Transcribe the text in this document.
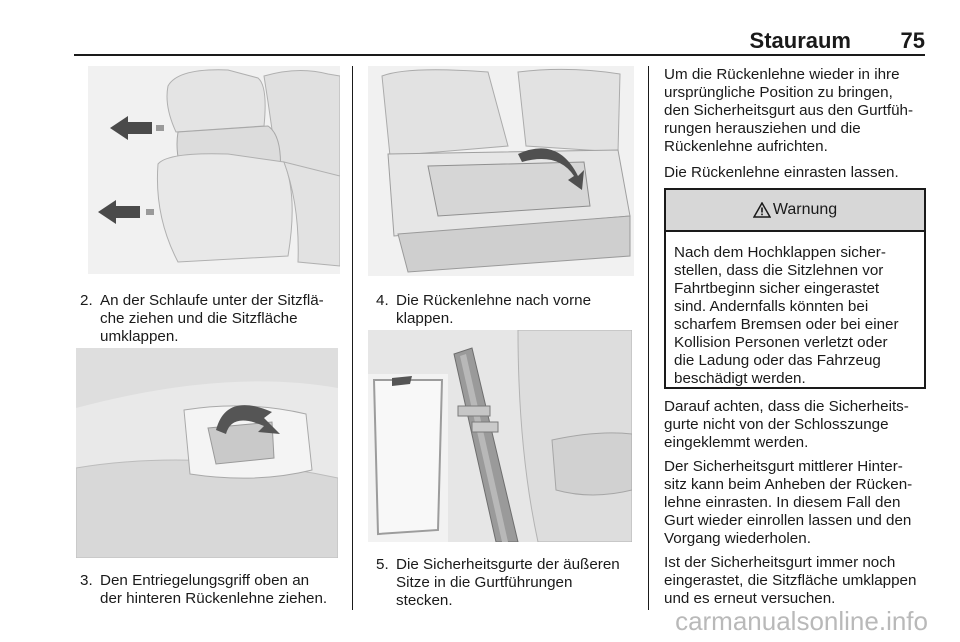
Stauraum 75
2. An der Schlaufe unter der Sitzflä-
che ziehen und die Sitzfläche
umklappen.
3. Den Entriegelungsgriff oben an
der hinteren Rückenlehne ziehen.
4. Die Rückenlehne nach vorne
klappen.
5. Die Sicherheitsgurte der äußeren
Sitze in die Gurtführungen
stecken.
Um die Rückenlehne wieder in ihre
ursprüngliche Position zu bringen,
den Sicherheitsgurt aus den Gurtfüh-
rungen herausziehen und die
Rückenlehne aufrichten.
Die Rückenlehne einrasten lassen.
Warnung
Nach dem Hochklappen sicher-
stellen, dass die Sitzlehnen vor
Fahrtbeginn sicher eingerastet
sind. Andernfalls könnten bei
scharfem Bremsen oder bei einer
Kollision Personen verletzt oder
die Ladung oder das Fahrzeug
beschädigt werden.
Darauf achten, dass die Sicherheits-
gurte nicht von der Schlosszunge
eingeklemmt werden.
Der Sicherheitsgurt mittlerer Hinter-
sitz kann beim Anheben der Rücken-
lehne einrasten. In diesem Fall den
Gurt wieder einrollen lassen und den
Vorgang wiederholen.
Ist der Sicherheitsgurt immer noch
eingerastet, die Sitzfläche umklappen
und es erneut versuchen.
carmanualsonline.info
